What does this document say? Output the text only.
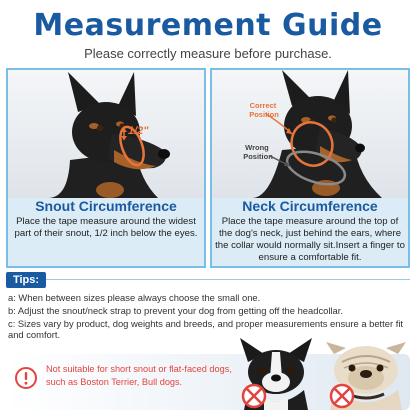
Measurement Guide
Please correctly measure before purchase.
1/2"
Snout Circumference
Place the tape measure around the widest part of their snout, 1/2 inch below the eyes.
Correct Position
Wrong Position
Neck Circumference
Place the tape measure around the top of the dog's neck, just behind the ears, where the collar would normally sit.Insert a finger to ensure a comfortable fit.
Tips:
a: When between sizes please always choose the small one.
b: Adjust the snout/neck strap to prevent your dog from getting off the headcollar.
c: Sizes vary by product, dog weights and breeds, and proper measurements ensure a better fit and comfort.
Not suitable for short snout or flat-faced dogs, such as Boston Terrier, Bull dogs.
